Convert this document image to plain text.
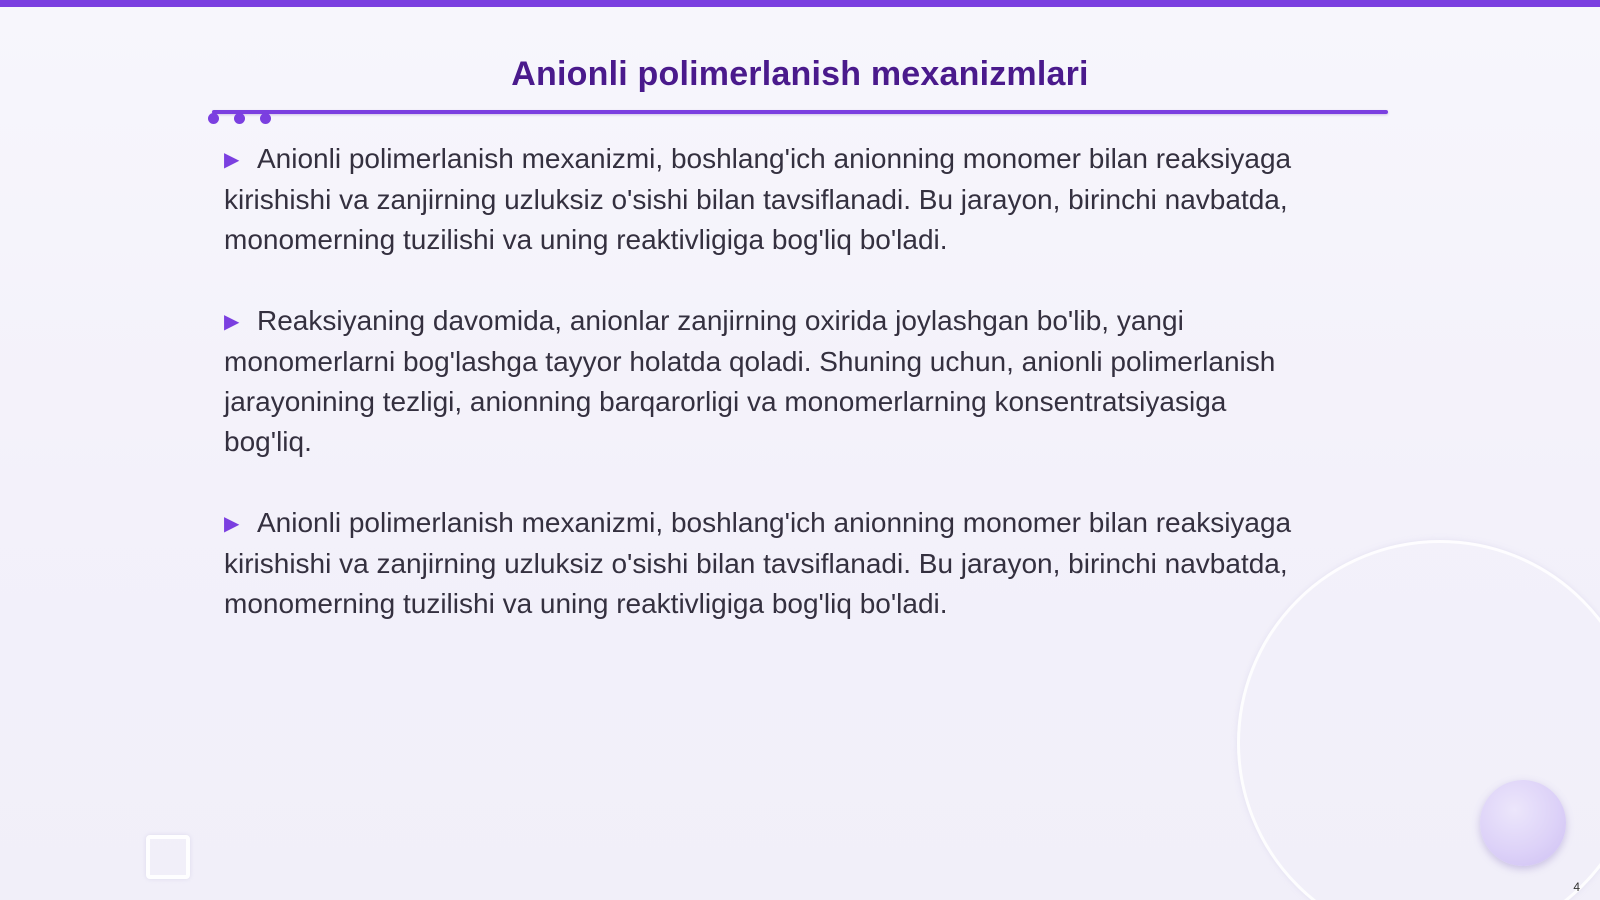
Anionli polimerlanish mexanizmlari

▶ Anionli polimerlanish mexanizmi, boshlang'ich anionning monomer bilan reaksiyaga kirishishi va zanjirning uzluksiz o'sishi bilan tavsiflanadi. Bu jarayon, birinchi navbatda, monomerning tuzilishi va uning reaktivligiga bog'liq bo'ladi.

▶ Reaksiyaning davomida, anionlar zanjirning oxirida joylashgan bo'lib, yangi monomerlarni bog'lashga tayyor holatda qoladi. Shuning uchun, anionli polimerlanish jarayonining tezligi, anionning barqarorligi va monomerlarning konsentratsiyasiga bog'liq.

▶ Anionli polimerlanish mexanizmi, boshlang'ich anionning monomer bilan reaksiyaga kirishishi va zanjirning uzluksiz o'sishi bilan tavsiflanadi. Bu jarayon, birinchi navbatda, monomerning tuzilishi va uning reaktivligiga bog'liq bo'ladi.

4
